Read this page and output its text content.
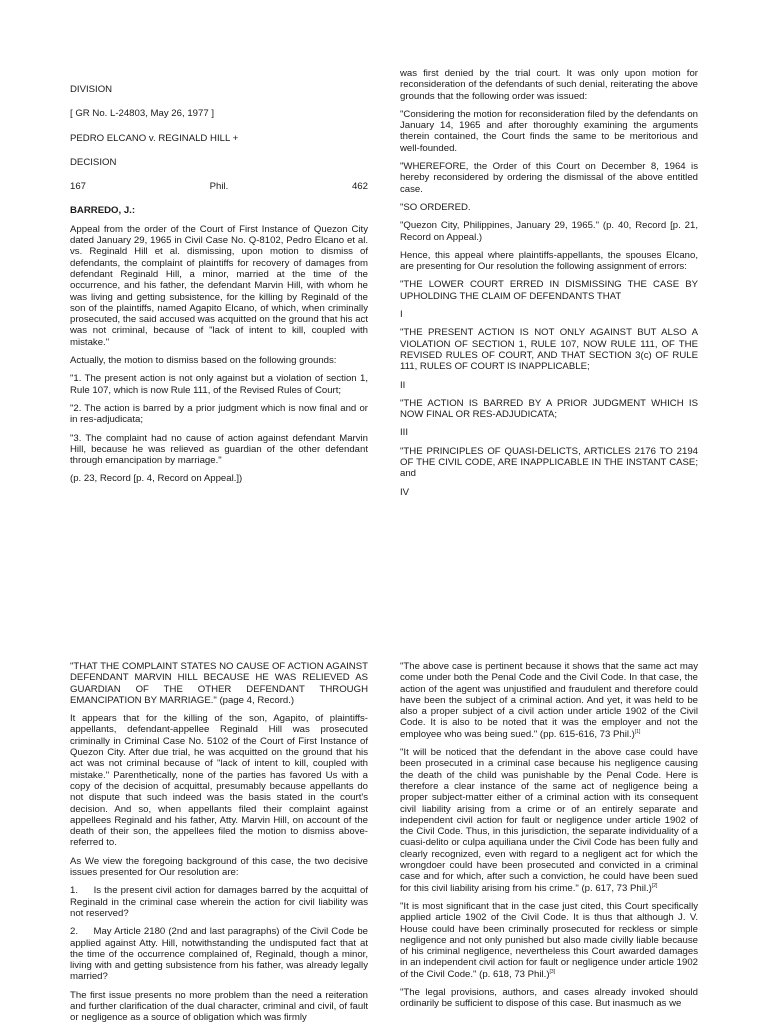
DIVISION

[ GR No. L-24803, May 26, 1977 ]

PEDRO ELCANO v. REGINALD HILL +

DECISION

167	Phil.	462

BARREDO, J.:

Appeal from the order of the Court of First Instance of Quezon City dated January 29, 1965 in Civil Case No. Q-8102, Pedro Elcano et al. vs. Reginald Hill et al. dismissing, upon motion to dismiss of defendants, the complaint of plaintiffs for recovery of damages from defendant Reginald Hill, a minor, married at the time of the occurrence, and his father, the defendant Marvin Hill, with whom he was living and getting subsistence, for the killing by Reginald of the son of the plaintiffs, named Agapito Elcano, of which, when criminally prosecuted, the said accused was acquitted on the ground that his act was not criminal, because of "lack of intent to kill, coupled with mistake."

Actually, the motion to dismiss based on the following grounds:

"1. The present action is not only against but a violation of section 1, Rule 107, which is now Rule 111, of the Revised Rules of Court;

"2. The action is barred by a prior judgment which is now final and or in res-adjudicata;

"3. The complaint had no cause of action against defendant Marvin Hill, because he was relieved as guardian of the other defendant through emancipation by marriage."

(p. 23, Record [p. 4, Record on Appeal.])

was first denied by the trial court. It was only upon motion for reconsideration of the defendants of such denial, reiterating the above grounds that the following order was issued:

"Considering the motion for reconsideration filed by the defendants on January 14, 1965 and after thoroughly examining the arguments therein contained, the Court finds the same to be meritorious and well-founded.

"WHEREFORE, the Order of this Court on December 8, 1964 is hereby reconsidered by ordering the dismissal of the above entitled case.

"SO ORDERED.

"Quezon City, Philippines, January 29, 1965." (p. 40, Record [p. 21, Record on Appeal.)

Hence, this appeal where plaintiffs-appellants, the spouses Elcano, are presenting for Our resolution the following assignment of errors:

"THE LOWER COURT ERRED IN DISMISSING THE CASE BY UPHOLDING THE CLAIM OF DEFENDANTS THAT

I

"THE PRESENT ACTION IS NOT ONLY AGAINST BUT ALSO A VIOLATION OF SECTION 1, RULE 107, NOW RULE 111, OF THE REVISED RULES OF COURT, AND THAT SECTION 3(c) OF RULE 111, RULES OF COURT IS INAPPLICABLE;

II

"THE ACTION IS BARRED BY A PRIOR JUDGMENT WHICH IS NOW FINAL OR RES-ADJUDICATA;

III

"THE PRINCIPLES OF QUASI-DELICTS, ARTICLES 2176 TO 2194 OF THE CIVIL CODE, ARE INAPPLICABLE IN THE INSTANT CASE; and

IV

"THAT THE COMPLAINT STATES NO CAUSE OF ACTION AGAINST DEFENDANT MARVIN HILL BECAUSE HE WAS RELIEVED AS GUARDIAN OF THE OTHER DEFENDANT THROUGH EMANCIPATION BY MARRIAGE." (page 4, Record.)

It appears that for the killing of the son, Agapito, of plaintiffs-appellants, defendant-appellee Reginald Hill was prosecuted criminally in Criminal Case No. 5102 of the Court of First Instance of Quezon City. After due trial, he was acquitted on the ground that his act was not criminal because of "lack of intent to kill, coupled with mistake." Parenthetically, none of the parties has favored Us with a copy of the decision of acquittal, presumably because appellants do not dispute that such indeed was the basis stated in the court's decision. And so, when appellants filed their complaint against appellees Reginald and his father, Atty. Marvin Hill, on account of the death of their son, the appellees filed the motion to dismiss above-referred to.

As We view the foregoing background of this case, the two decisive issues presented for Our resolution are:

1.     Is the present civil action for damages barred by the acquittal of Reginald in the criminal case wherein the action for civil liability was not reserved?

2.     May Article 2180 (2nd and last paragraphs) of the Civil Code be applied against Atty. Hill, notwithstanding the undisputed fact that at the time of the occurrence complained of, Reginald, though a minor, living with and getting subsistence from his father, was already legally married?

The first issue presents no more problem than the need a reiteration and further clarification of the dual character, criminal and civil, of fault or negligence as a source of obligation which was firmly

"The above case is pertinent because it shows that the same act may come under both the Penal Code and the Civil Code. In that case, the action of the agent was unjustified and fraudulent and therefore could have been the subject of a criminal action. And yet, it was held to be also a proper subject of a civil action under article 1902 of the Civil Code. It is also to be noted that it was the employer and not the employee who was being sued." (pp. 615-616, 73 Phil.)[1]

"It will be noticed that the defendant in the above case could have been prosecuted in a criminal case because his negligence causing the death of the child was punishable by the Penal Code. Here is therefore a clear instance of the same act of negligence being a proper subject-matter either of a criminal action with its consequent civil liability arising from a crime or of an entirely separate and independent civil action for fault or negligence under article 1902 of the Civil Code. Thus, in this jurisdiction, the separate individuality of a cuasi-delito or culpa aquiliana under the Civil Code has been fully and clearly recognized, even with regard to a negligent act for which the wrongdoer could have been prosecuted and convicted in a criminal case and for which, after such a conviction, he could have been sued for this civil liability arising from his crime." (p. 617, 73 Phil.)[2]

"It is most significant that in the case just cited, this Court specifically applied article 1902 of the Civil Code. It is thus that although J. V. House could have been criminally prosecuted for reckless or simple negligence and not only punished but also made civilly liable because of his criminal negligence, nevertheless this Court awarded damages in an independent civil action for fault or negligence under article 1902 of the Civil Code." (p. 618, 73 Phil.)[3]

"The legal provisions, authors, and cases already invoked should ordinarily be sufficient to dispose of this case. But inasmuch as we
